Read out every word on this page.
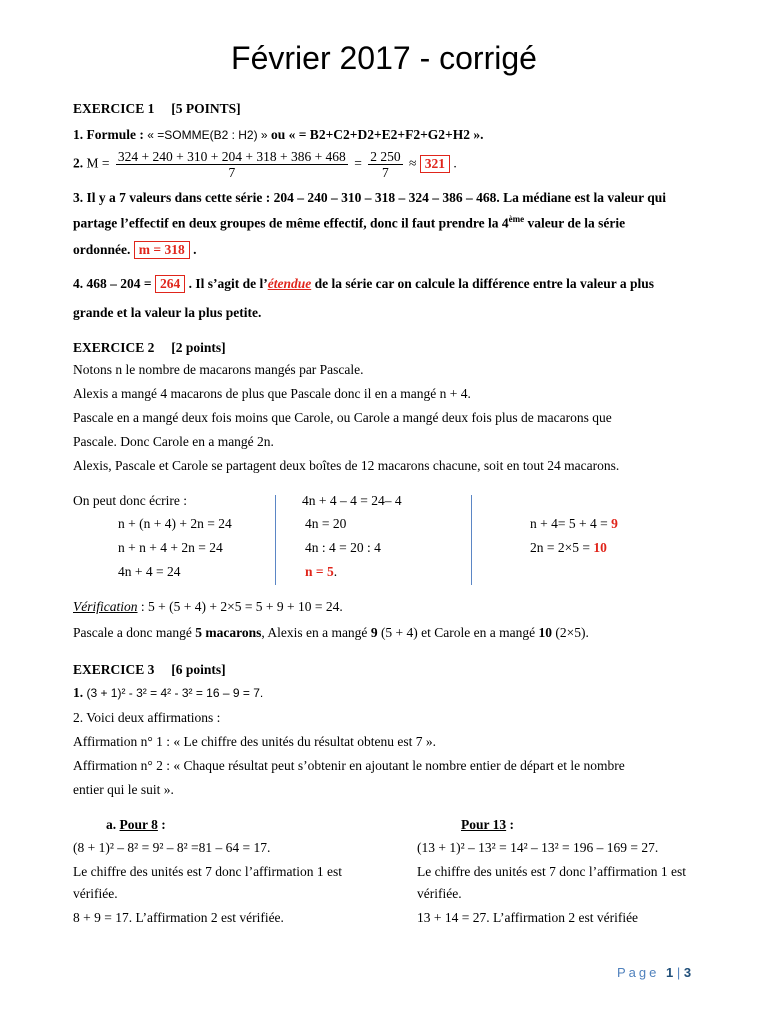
Février 2017 - corrigé
EXERCICE 1     [5 POINTS]
1. Formule : « =SOMME(B2 : H2) » ou « = B2+C2+D2+E2+F2+G2+H2 ».
2. $M = \frac{324 + 240 + 310 + 204 + 318 + 386 + 468}{7} = \frac{2 250}{7} \approx 321$ .
3. Il y a 7 valeurs dans cette série : 204 – 240 – 310 – 318 – 324 – 386 – 468. La médiane est la valeur qui
partage l’effectif en deux groupes de même effectif, donc il faut prendre la 4ème valeur de la série
ordonnée. m = 318 .
4. 468 – 204 = 264 . Il s’agit de l’étendue de la série car on calcule la différence entre la valeur a plus
grande et la valeur la plus petite.
EXERCICE 2     [2 points]
Notons n le nombre de macarons mangés par Pascale.
Alexis a mangé 4 macarons de plus que Pascale donc il en a mangé n + 4.
Pascale en a mangé deux fois moins que Carole, ou Carole a mangé deux fois plus de macarons que
Pascale. Donc Carole en a mangé 2n.
Alexis, Pascale et Carole se partagent deux boîtes de 12 macarons chacune, soit en tout 24 macarons.
On peut donc écrire :
n + (n + 4) + 2n = 24
n + n + 4 + 2n = 24
4n + 4 = 24
4n + 4 – 4 = 24– 4
4n = 20
4n : 4 = 20 : 4
n = 5.
n + 4= 5 + 4 = 9
2n = 2×5 = 10
Vérification : 5 + (5 + 4) + 2×5 = 5 + 9 + 10 = 24.
Pascale a donc mangé 5 macarons, Alexis en a mangé 9 (5 + 4) et Carole en a mangé 10 (2×5).
EXERCICE 3     [6 points]
1. (3 + 1)² - 3² = 4² - 3² = 16 – 9 = 7.
2. Voici deux affirmations :
Affirmation n° 1 : « Le chiffre des unités du résultat obtenu est 7 ».
Affirmation n° 2 : « Chaque résultat peut s’obtenir en ajoutant le nombre entier de départ et le nombre
entier qui le suit ».
a. Pour 8 :
(8 + 1)² – 8² = 9² – 8² =81 – 64 = 17.
Le chiffre des unités est 7 donc l’affirmation 1 est
vérifiée.
8 + 9 = 17. L’affirmation 2 est vérifiée.
Pour 13 :
(13 + 1)² – 13² = 14² – 13² = 196 – 169 = 27.
Le chiffre des unités est 7 donc l’affirmation 1 est
vérifiée.
13 + 14 = 27. L’affirmation 2 est vérifiée
Page 1 | 3
